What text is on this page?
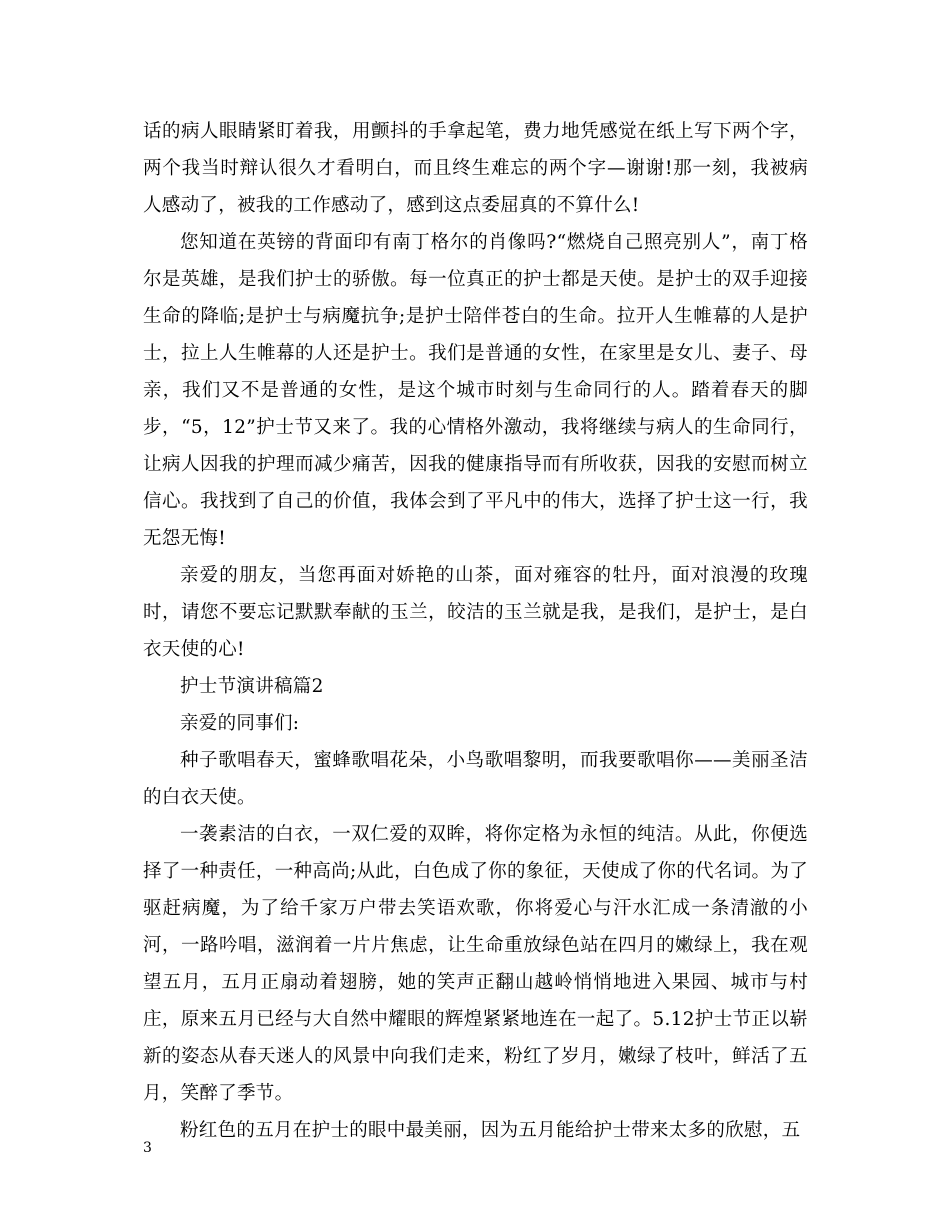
话的病人眼睛紧盯着我，用颤抖的手拿起笔，费力地凭感觉在纸上写下两个字，两个我当时辩认很久才看明白，而且终生难忘的两个字—谢谢!那一刻，我被病人感动了，被我的工作感动了，感到这点委屈真的不算什么!

您知道在英镑的背面印有南丁格尔的肖像吗?“燃烧自己照亮别人”，南丁格尔是英雄，是我们护士的骄傲。每一位真正的护士都是天使。是护士的双手迎接生命的降临;是护士与病魔抗争;是护士陪伴苍白的生命。拉开人生帷幕的人是护士，拉上人生帷幕的人还是护士。我们是普通的女性，在家里是女儿、妻子、母亲，我们又不是普通的女性，是这个城市时刻与生命同行的人。踏着春天的脚步，“5，12”护士节又来了。我的心情格外激动，我将继续与病人的生命同行，让病人因我的护理而减少痛苦，因我的健康指导而有所收获，因我的安慰而树立信心。我找到了自己的价值，我体会到了平凡中的伟大，选择了护士这一行，我无怨无悔!

亲爱的朋友，当您再面对娇艳的山茶，面对雍容的牡丹，面对浪漫的玫瑰时，请您不要忘记默默奉献的玉兰，皎洁的玉兰就是我，是我们，是护士，是白衣天使的心!

护士节演讲稿篇2

亲爱的同事们:

种子歌唱春天，蜜蜂歌唱花朵，小鸟歌唱黎明，而我要歌唱你——美丽圣洁的白衣天使。

一袭素洁的白衣，一双仁爱的双眸，将你定格为永恒的纯洁。从此，你便选择了一种责任，一种高尚;从此，白色成了你的象征，天使成了你的代名词。为了驱赶病魔，为了给千家万户带去笑语欢歌，你将爱心与汗水汇成一条清澈的小河，一路吟唱，滋润着一片片焦虑，让生命重放绿色站在四月的嫩绿上，我在观望五月，五月正扇动着翅膀，她的笑声正翻山越岭悄悄地进入果园、城市与村庄，原来五月已经与大自然中耀眼的辉煌紧紧地连在一起了。5.12护士节正以崭新的姿态从春天迷人的风景中向我们走来，粉红了岁月，嫩绿了枝叶，鲜活了五月，笑醉了季节。

粉红色的五月在护士的眼中最美丽，因为五月能给护士带来太多的欣慰，五

3
